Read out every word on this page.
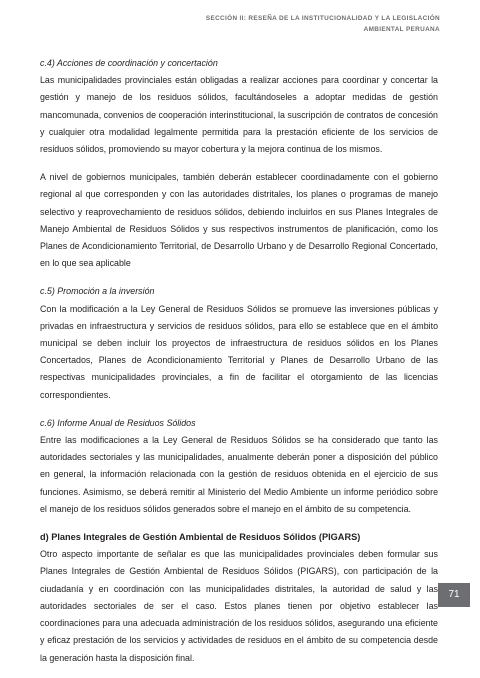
SECCIÓN II: RESEÑA DE LA INSTITUCIONALIDAD Y LA LEGISLACIÓN
AMBIENTAL PERUANA
c.4) Acciones de coordinación y concertación

Las municipalidades provinciales están obligadas a realizar acciones para coordinar y concertar la gestión y manejo de los residuos sólidos, facultándoseles a adoptar medidas de gestión mancomunada, convenios de cooperación interinstitucional, la suscripción de contratos de concesión y cualquier otra modalidad legalmente permitida para la prestación eficiente de los servicios de residuos sólidos, promoviendo su mayor cobertura y la mejora continua de los mismos.

A nivel de gobiernos municipales, también deberán establecer coordinadamente con el gobierno regional al que corresponden y con las autoridades distritales, los planes o programas de manejo selectivo y reaprovechamiento de residuos sólidos, debiendo incluirlos en sus Planes Integrales de Manejo Ambiental de Residuos Sólidos y sus respectivos instrumentos de planificación, como los Planes de Acondicionamiento Territorial, de Desarrollo Urbano y de Desarrollo Regional Concertado, en lo que sea aplicable

c.5) Promoción a la inversión

Con la modificación a la Ley General de Residuos Sólidos se promueve las inversiones públicas y privadas en infraestructura y servicios de residuos sólidos, para ello se establece que en el ámbito municipal se deben incluir los proyectos de infraestructura de residuos sólidos en los Planes Concertados, Planes de Acondicionamiento Territorial y Planes de Desarrollo Urbano de las respectivas municipalidades provinciales, a fin de facilitar el otorgamiento de las licencias correspondientes.

c.6) Informe Anual de Residuos Sólidos

Entre las modificaciones a la Ley General de Residuos Sólidos se ha considerado que tanto las autoridades sectoriales y las municipalidades, anualmente deberán poner a disposición del público en general, la información relacionada con la gestión de residuos obtenida en el ejercicio de sus funciones. Asimismo, se deberá remitir al Ministerio del Medio Ambiente un informe periódico sobre el manejo de los residuos sólidos generados sobre el manejo en el ámbito de su competencia.

d) Planes Integrales de Gestión Ambiental de Residuos Sólidos (PIGARS)

Otro aspecto importante de señalar es que las municipalidades provinciales deben formular sus Planes Integrales de Gestión Ambiental de Residuos Sólidos (PIGARS), con participación de la ciudadanía y en coordinación con las municipalidades distritales, la autoridad de salud y las autoridades sectoriales de ser el caso. Estos planes tienen por objetivo establecer las coordinaciones para una adecuada administración de los residuos sólidos, asegurando una eficiente y eficaz prestación de los servicios y actividades de residuos en el ámbito de su competencia desde la generación hasta la disposición final.

71
